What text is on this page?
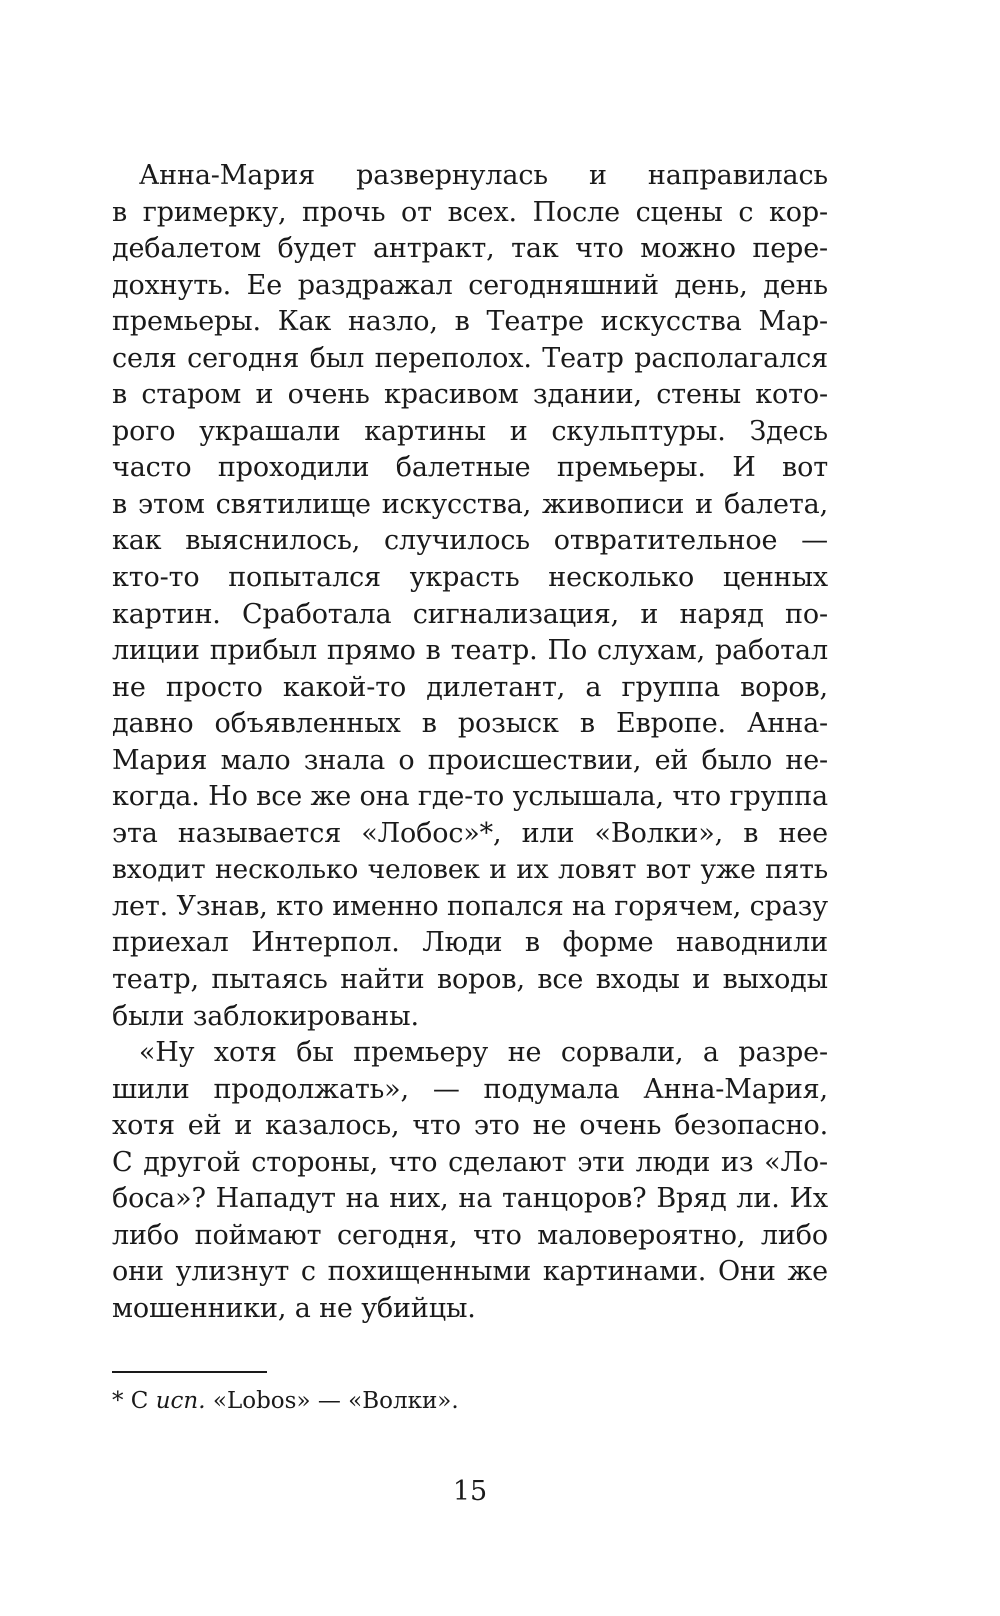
 Анна-Мария развернулась и направилась
в гримерку, прочь от всех. После сцены с кор-
дебалетом будет антракт, так что можно пере-
дохнуть. Ее раздражал сегодняшний день, день
премьеры. Как назло, в Театре искусства Мар-
селя сегодня был переполох. Театр располагался
в старом и очень красивом здании, стены кото-
рого украшали картины и скульптуры. Здесь
часто проходили балетные премьеры. И вот
в этом святилище искусства, живописи и балета,
как выяснилось, случилось отвратительное —
кто-то попытался украсть несколько ценных
картин. Сработала сигнализация, и наряд по-
лиции прибыл прямо в театр. По слухам, работал
не просто какой-то дилетант, а группа воров,
давно объявленных в розыск в Европе. Анна-
Мария мало знала о происшествии, ей было не-
когда. Но все же она где-то услышала, что группа
эта называется «Лобос»*, или «Волки», в нее
входит несколько человек и их ловят вот уже пять
лет. Узнав, кто именно попался на горячем, сразу
приехал Интерпол. Люди в форме наводнили
театр, пытаясь найти воров, все входы и выходы
были заблокированы.
 «Ну хотя бы премьеру не сорвали, а разре-
шили продолжать», — подумала Анна-Мария,
хотя ей и казалось, что это не очень безопасно.
С другой стороны, что сделают эти люди из «Ло-
боса»? Нападут на них, на танцоров? Вряд ли. Их
либо поймают сегодня, что маловероятно, либо
они улизнут с похищенными картинами. Они же
мошенники, а не убийцы.
* С исп. «Lobos» — «Волки».
15
